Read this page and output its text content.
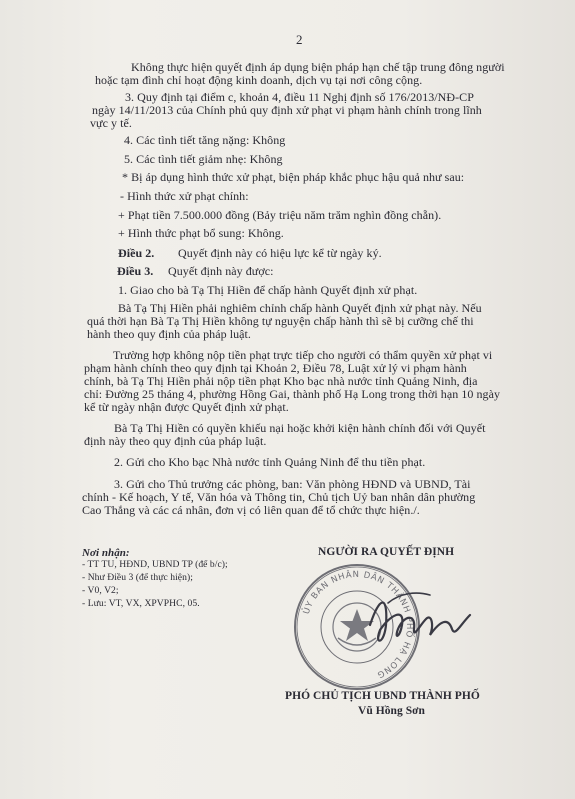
2
Không thực hiện quyết định áp dụng biện pháp hạn chế tập trung đông người
hoặc tạm đình chỉ hoạt động kinh doanh, dịch vụ tại nơi công cộng.
3. Quy định tại điểm c, khoản 4, điều 11 Nghị định số 176/2013/NĐ-CP
ngày 14/11/2013 của Chính phủ quy định xử phạt vi phạm hành chính trong lĩnh
vực y tế.
4. Các tình tiết tăng nặng: Không
5. Các tình tiết giảm nhẹ: Không
* Bị áp dụng hình thức xử phạt, biện pháp khắc phục hậu quả như sau:
- Hình thức xử phạt chính:
+ Phạt tiền 7.500.000 đồng (Bảy triệu năm trăm nghìn đồng chẵn).
+ Hình thức phạt bổ sung: Không.
Điều 2. Quyết định này có hiệu lực kể từ ngày ký.
Điều 3. Quyết định này được:
1. Giao cho bà Tạ Thị Hiền để chấp hành Quyết định xử phạt.
Bà Tạ Thị Hiền phải nghiêm chỉnh chấp hành Quyết định xử phạt này. Nếu
quá thời hạn Bà Tạ Thị Hiền không tự nguyện chấp hành thì sẽ bị cưỡng chế thi
hành theo quy định của pháp luật.
Trường hợp không nộp tiền phạt trực tiếp cho người có thẩm quyền xử phạt vi
phạm hành chính theo quy định tại Khoản 2, Điều 78, Luật xử lý vi phạm hành
chính, bà Tạ Thị Hiền phải nộp tiền phạt Kho bạc nhà nước tỉnh Quảng Ninh, địa
chỉ: Đường 25 tháng 4, phường Hồng Gai, thành phố Hạ Long trong thời hạn 10 ngày
kể từ ngày nhận được Quyết định xử phạt.
Bà Tạ Thị Hiền có quyền khiếu nại hoặc khởi kiện hành chính đối với Quyết
định này theo quy định của pháp luật.
2. Gửi cho Kho bạc Nhà nước tỉnh Quảng Ninh để thu tiền phạt.
3. Gửi cho Thủ trưởng các phòng, ban: Văn phòng HĐND và UBND, Tài
chính - Kế hoạch, Y tế, Văn hóa và Thông tin, Chủ tịch Uỷ ban nhân dân phường
Cao Thắng và các cá nhân, đơn vị có liên quan để tổ chức thực hiện./.
Nơi nhận:
- TT TU, HĐND, UBND TP (để b/c);
- Như Điều 3 (để thực hiện);
- V0, V2;
- Lưu: VT, VX, XPVPHC, 05.
NGƯỜI RA QUYẾT ĐỊNH
ỦY BAN NHÂN DÂN THÀNH PHỐ HẠ LONG
PHÓ CHỦ TỊCH UBND THÀNH PHỐ
Vũ Hồng Sơn
